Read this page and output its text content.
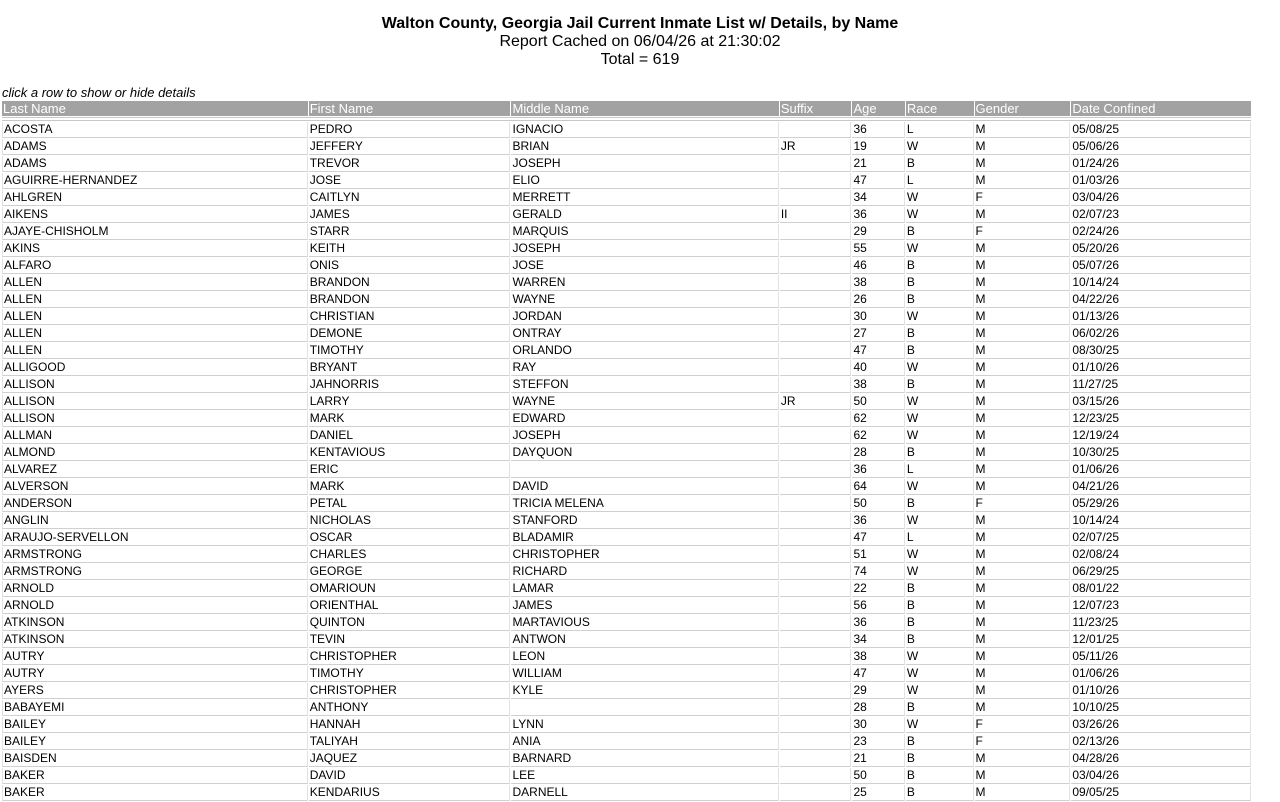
Walton County, Georgia Jail Current Inmate List w/ Details, by Name
Report Cached on 06/04/26 at 21:30:02
Total = 619
click a row to show or hide details
Last Name	First Name	Middle Name	Suffix	Age	Race	Gender	Date Confined

ACOSTA	PEDRO	IGNACIO		36	L	M	05/08/25
ADAMS	JEFFERY	BRIAN	JR	19	W	M	05/06/26
ADAMS	TREVOR	JOSEPH		21	B	M	01/24/26
AGUIRRE-HERNANDEZ	JOSE	ELIO		47	L	M	01/03/26
AHLGREN	CAITLYN	MERRETT		34	W	F	03/04/26
AIKENS	JAMES	GERALD	II	36	W	M	02/07/23
AJAYE-CHISHOLM	STARR	MARQUIS		29	B	F	02/24/26
AKINS	KEITH	JOSEPH		55	W	M	05/20/26
ALFARO	ONIS	JOSE		46	B	M	05/07/26
ALLEN	BRANDON	WARREN		38	B	M	10/14/24
ALLEN	BRANDON	WAYNE		26	B	M	04/22/26
ALLEN	CHRISTIAN	JORDAN		30	W	M	01/13/26
ALLEN	DEMONE	ONTRAY		27	B	M	06/02/26
ALLEN	TIMOTHY	ORLANDO		47	B	M	08/30/25
ALLIGOOD	BRYANT	RAY		40	W	M	01/10/26
ALLISON	JAHNORRIS	STEFFON		38	B	M	11/27/25
ALLISON	LARRY	WAYNE	JR	50	W	M	03/15/26
ALLISON	MARK	EDWARD		62	W	M	12/23/25
ALLMAN	DANIEL	JOSEPH		62	W	M	12/19/24
ALMOND	KENTAVIOUS	DAYQUON		28	B	M	10/30/25
ALVAREZ	ERIC			36	L	M	01/06/26
ALVERSON	MARK	DAVID		64	W	M	04/21/26
ANDERSON	PETAL	TRICIA MELENA		50	B	F	05/29/26
ANGLIN	NICHOLAS	STANFORD		36	W	M	10/14/24
ARAUJO-SERVELLON	OSCAR	BLADAMIR		47	L	M	02/07/25
ARMSTRONG	CHARLES	CHRISTOPHER		51	W	M	02/08/24
ARMSTRONG	GEORGE	RICHARD		74	W	M	06/29/25
ARNOLD	OMARIOUN	LAMAR		22	B	M	08/01/22
ARNOLD	ORIENTHAL	JAMES		56	B	M	12/07/23
ATKINSON	QUINTON	MARTAVIOUS		36	B	M	11/23/25
ATKINSON	TEVIN	ANTWON		34	B	M	12/01/25
AUTRY	CHRISTOPHER	LEON		38	W	M	05/11/26
AUTRY	TIMOTHY	WILLIAM		47	W	M	01/06/26
AYERS	CHRISTOPHER	KYLE		29	W	M	01/10/26
BABAYEMI	ANTHONY			28	B	M	10/10/25
BAILEY	HANNAH	LYNN		30	W	F	03/26/26
BAILEY	TALIYAH	ANIA		23	B	F	02/13/26
BAISDEN	JAQUEZ	BARNARD		21	B	M	04/28/26
BAKER	DAVID	LEE		50	B	M	03/04/26
BAKER	KENDARIUS	DARNELL		25	B	M	09/05/25
